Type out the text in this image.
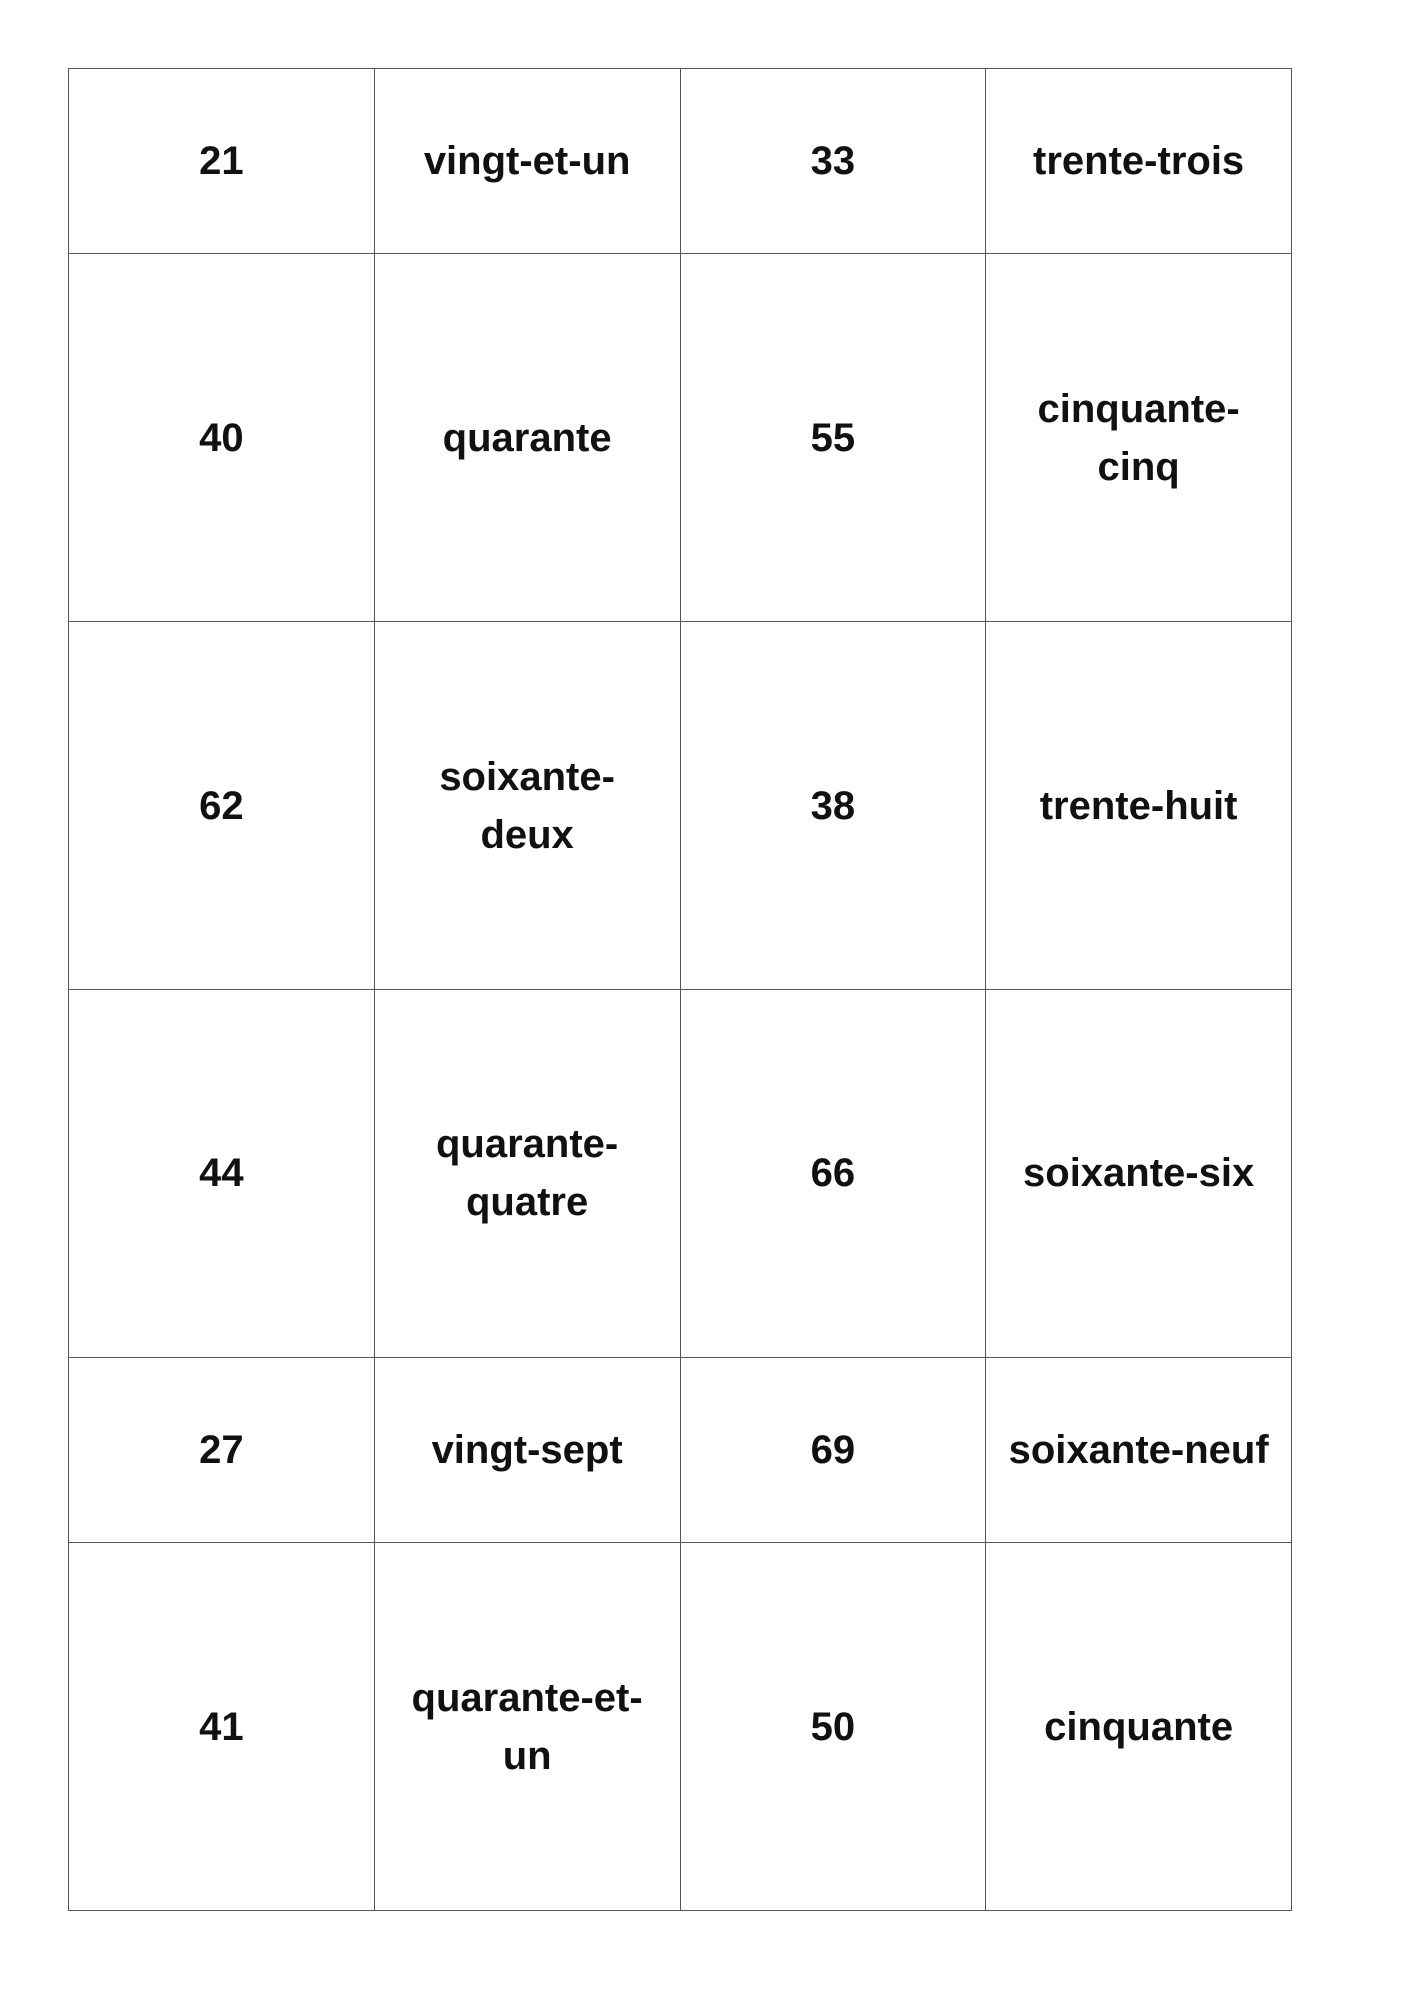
21	vingt-et-un	33	trente-trois
40	quarante	55	cinquante-
cinq
62	soixante-
deux	38	trente-huit
44	quarante-
quatre	66	soixante-six
27	vingt-sept	69	soixante-neuf
41	quarante-et-
un	50	cinquante
